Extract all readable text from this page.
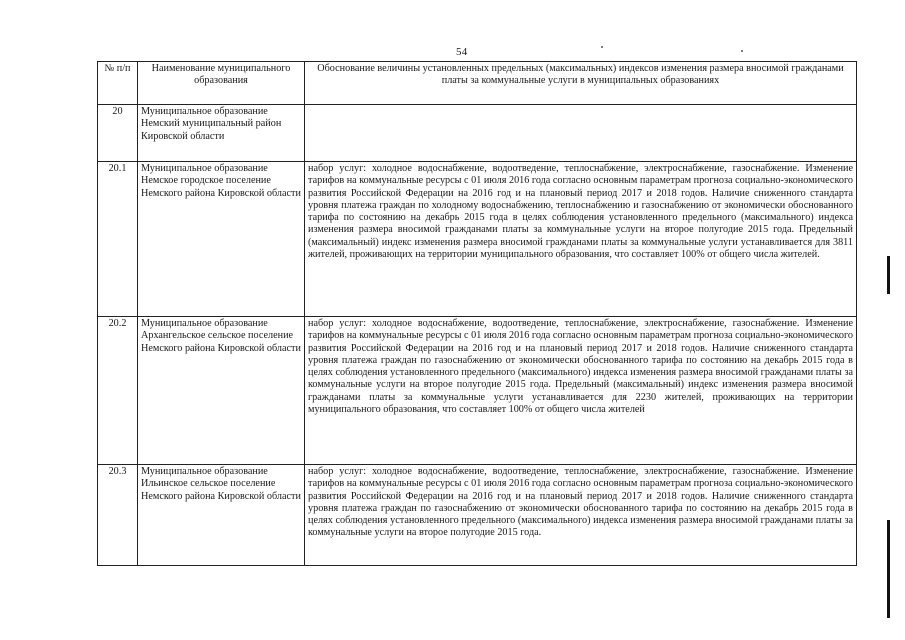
54
№ п/п	Наименование муниципального образования	Обоснование величины установленных предельных (максимальных) индексов изменения размера вносимой гражданами платы за коммунальные услуги в муниципальных образованиях
20	Муниципальное образование Немский муниципальный район Кировской области	
20.1	Муниципальное образование Немское городское поселение Немского района Кировской области	набор услуг: холодное водоснабжение, водоотведение, теплоснабжение, электроснабжение, газоснабжение. Изменение тарифов на коммунальные ресурсы с 01 июля 2016 года согласно основным параметрам прогноза социально-экономического развития Российской Федерации на 2016 год и на плановый период 2017 и 2018 годов. Наличие сниженного стандарта уровня платежа граждан по холодному водоснабжению, теплоснабжению и газоснабжению от экономически обоснованного тарифа по состоянию на декабрь 2015 года в целях соблюдения установленного предельного (максимального) индекса изменения размера вносимой гражданами платы за коммунальные услуги на второе полугодие 2015 года. Предельный (максимальный) индекс изменения размера вносимой гражданами платы за коммунальные услуги устанавливается для 3811 жителей, проживающих на территории муниципального образования, что составляет 100% от общего числа жителей.
20.2	Муниципальное образование Архангельское сельское поселение Немского района Кировской области	набор услуг: холодное водоснабжение, водоотведение, теплоснабжение, электроснабжение, газоснабжение. Изменение тарифов на коммунальные ресурсы с 01 июля 2016 года согласно основным параметрам прогноза социально-экономического развития Российской Федерации на 2016 год и на плановый период 2017 и 2018 годов. Наличие сниженного стандарта уровня платежа граждан по газоснабжению от экономически обоснованного тарифа по состоянию на декабрь 2015 года в целях соблюдения установленного предельного (максимального) индекса изменения размера вносимой гражданами платы за коммунальные услуги на второе полугодие 2015 года. Предельный (максимальный) индекс изменения размера вносимой гражданами платы за коммунальные услуги устанавливается для 2230 жителей, проживающих на территории муниципального образования, что составляет 100% от общего числа жителей
20.3	Муниципальное образование Ильинское сельское поселение Немского района Кировской области	набор услуг: холодное водоснабжение, водоотведение, теплоснабжение, электроснабжение, газоснабжение. Изменение тарифов на коммунальные ресурсы с 01 июля 2016 года согласно основным параметрам прогноза социально-экономического развития Российской Федерации на 2016 год и на плановый период 2017 и 2018 годов. Наличие сниженного стандарта уровня платежа граждан по газоснабжению от экономически обоснованного тарифа по состоянию на декабрь 2015 года в целях соблюдения установленного предельного (максимального) индекса изменения размера вносимой гражданами платы за коммунальные услуги на второе полугодие 2015 года.
